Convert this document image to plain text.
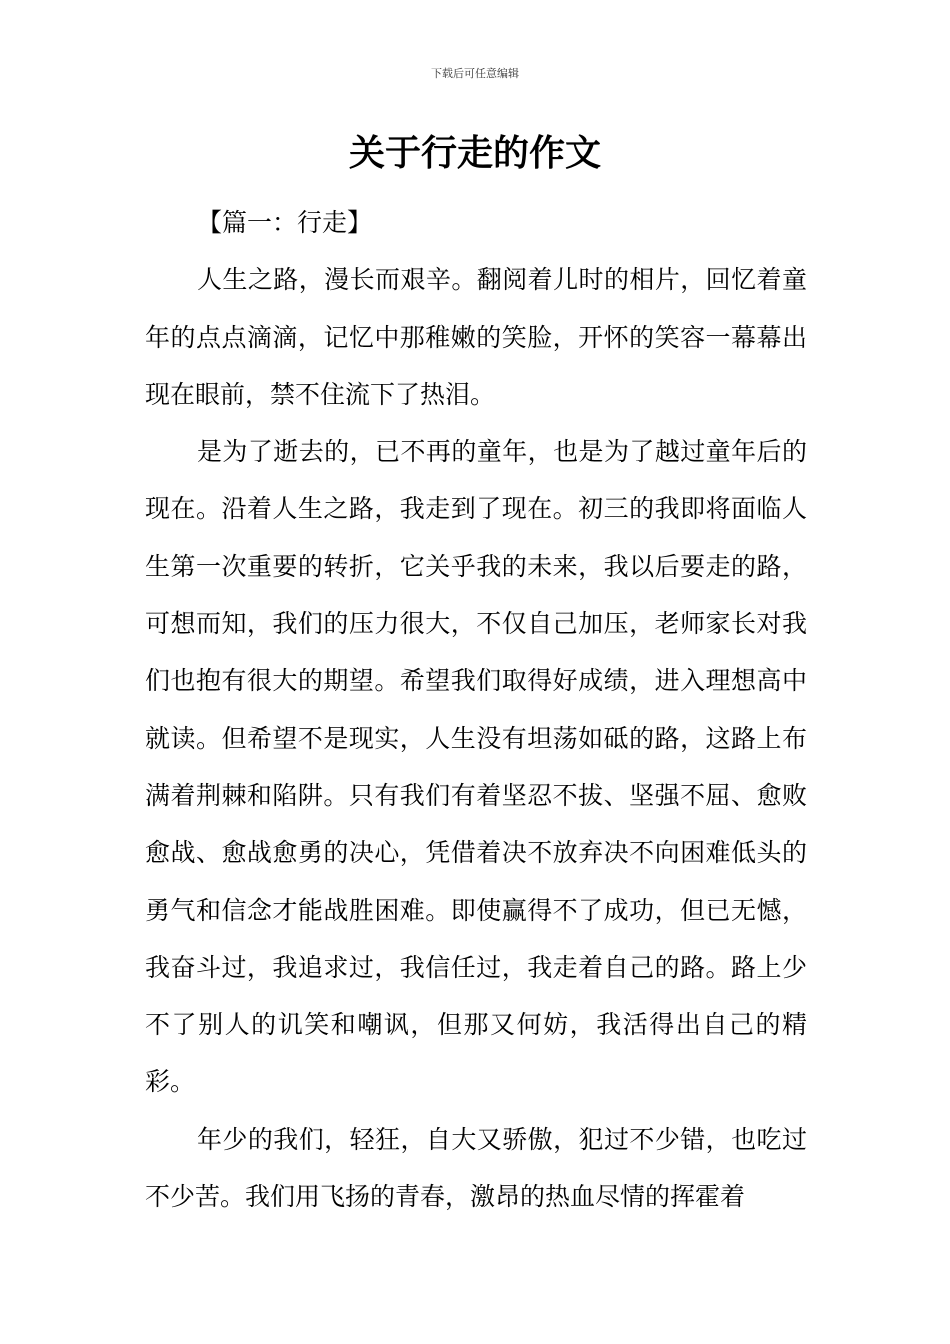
下载后可任意编辑
关于行走的作文

【篇一：行走】

人生之路，漫长而艰辛。翻阅着儿时的相片，回忆着童年的点点滴滴，记忆中那稚嫩的笑脸，开怀的笑容一幕幕出现在眼前，禁不住流下了热泪。

是为了逝去的，已不再的童年，也是为了越过童年后的现在。沿着人生之路，我走到了现在。初三的我即将面临人生第一次重要的转折，它关乎我的未来，我以后要走的路，可想而知，我们的压力很大，不仅自己加压，老师家长对我们也抱有很大的期望。希望我们取得好成绩，进入理想高中就读。但希望不是现实，人生没有坦荡如砥的路，这路上布满着荆棘和陷阱。只有我们有着坚忍不拔、坚强不屈、愈败愈战、愈战愈勇的决心，凭借着决不放弃决不向困难低头的勇气和信念才能战胜困难。即使赢得不了成功，但已无憾，我奋斗过，我追求过，我信任过，我走着自己的路。路上少不了别人的讥笑和嘲讽，但那又何妨，我活得出自己的精彩。

年少的我们，轻狂，自大又骄傲，犯过不少错，也吃过不少苦。我们用飞扬的青春，激昂的热血尽情的挥霍着
